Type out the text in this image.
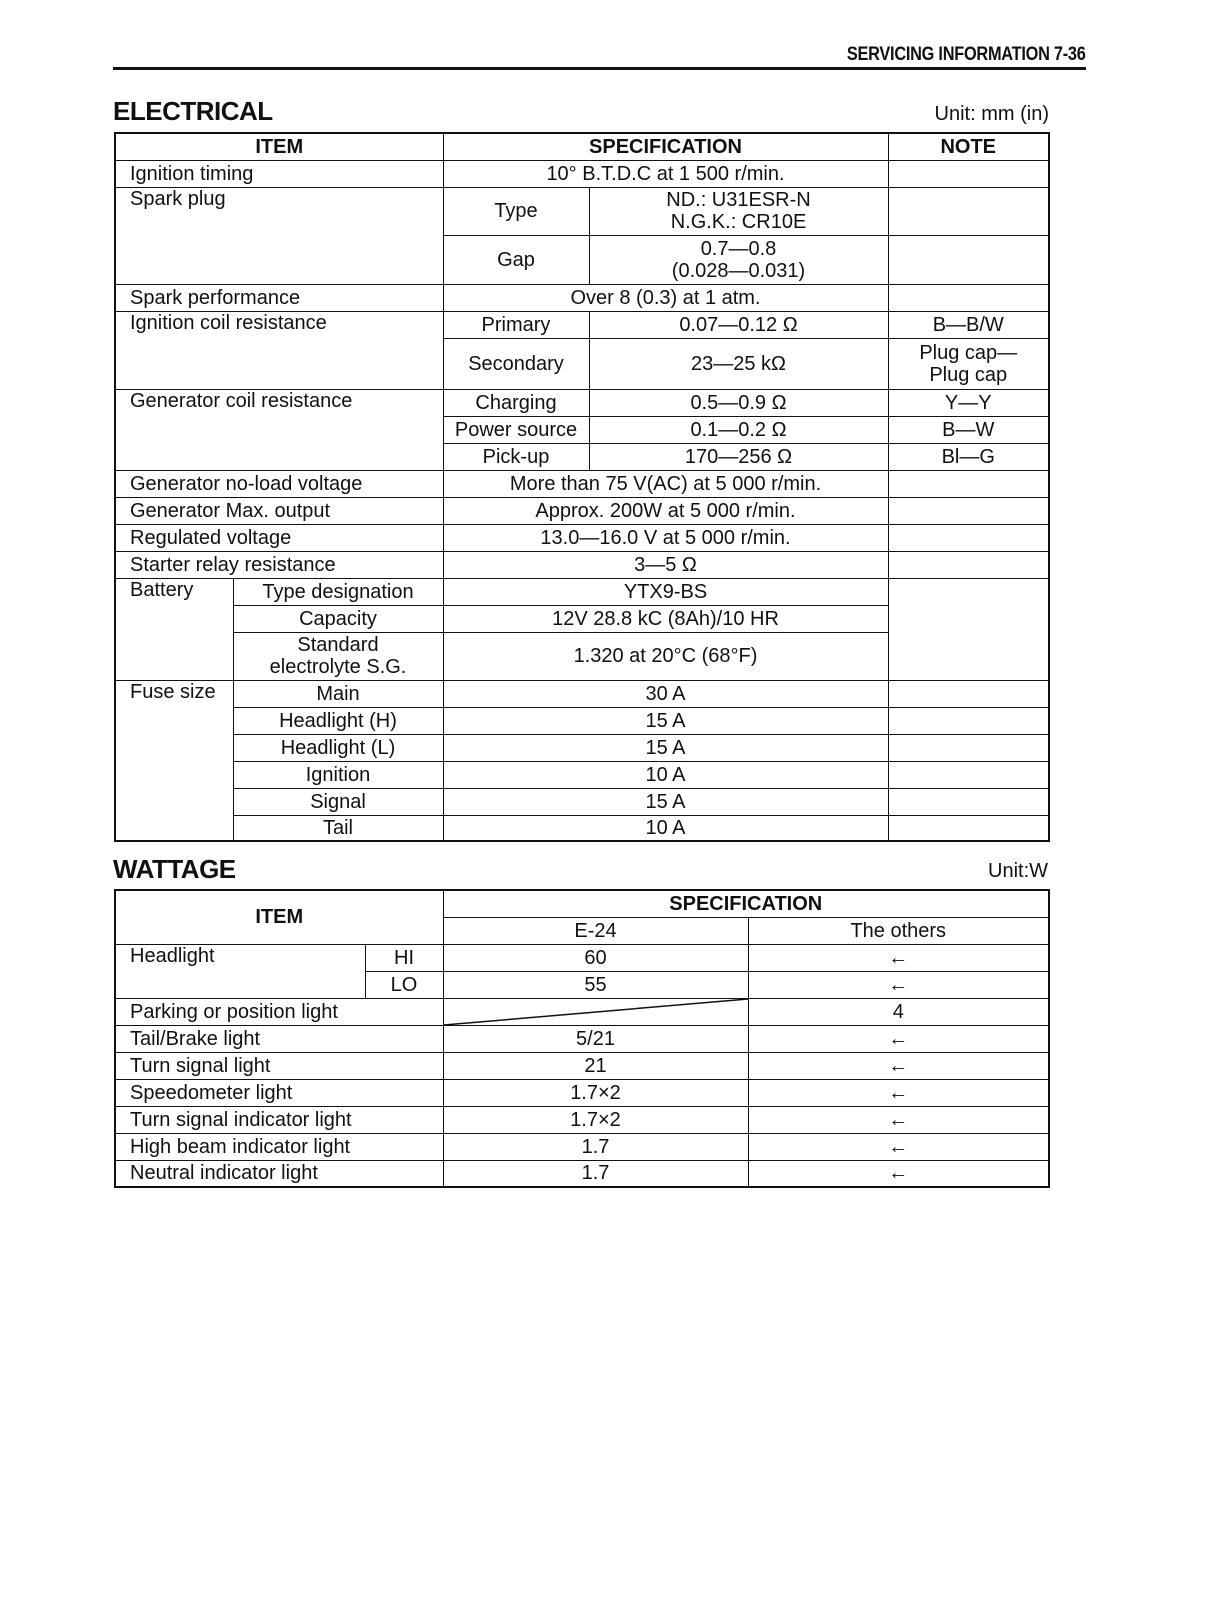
SERVICING INFORMATION 7-36
ELECTRICAL	Unit: mm (in)
ITEM		SPECIFICATION		NOTE
Ignition timing		10° B.T.D.C at 1 500 r/min.		
Spark plug		Type	ND.: U31ESR-N
N.G.K.: CR10E	

		Gap	0.7—0.8
(0.028—0.031)	

Spark performance		Over 8 (0.3) at 1 atm.		
Ignition coil resistance		Primary	0.07—0.12 Ω	B—B/W
		Secondary	23—25 kΩ	Plug cap—
Plug cap

Generator coil resistance		Charging	0.5—0.9 Ω	Y—Y
		Power source	0.1—0.2 Ω	B—W
		Pick-up	170—256 Ω	Bl—G
Generator no-load voltage		More than 75 V(AC) at 5 000 r/min.		
Generator Max. output		Approx. 200W at 5 000 r/min.		
Regulated voltage		13.0—16.0 V at 5 000 r/min.		
Starter relay resistance		3—5 Ω		
Battery	Type designation	YTX9-BS		
	Capacity	12V 28.8 kC (8Ah)/10 HR		

	Standard
electrolyte S.G.	1.320 at 20°C (68°F)		
Fuse size	Main	30 A		
	Headlight (H)	15 A		
	Headlight (L)	15 A		
	Ignition	10 A		
	Signal	15 A		
	Tail	10 A		
WATTAGE	Unit:W
ITEM		SPECIFICATION	
		E-24	The others
Headlight	HI	60	←
	LO	55	←
Parking or position light			4
Tail/Brake light		5/21	←
Turn signal light		21	←
Speedometer light		1.7×2	←
Turn signal indicator light		1.7×2	←
High beam indicator light		1.7	←
Neutral indicator light		1.7	←
